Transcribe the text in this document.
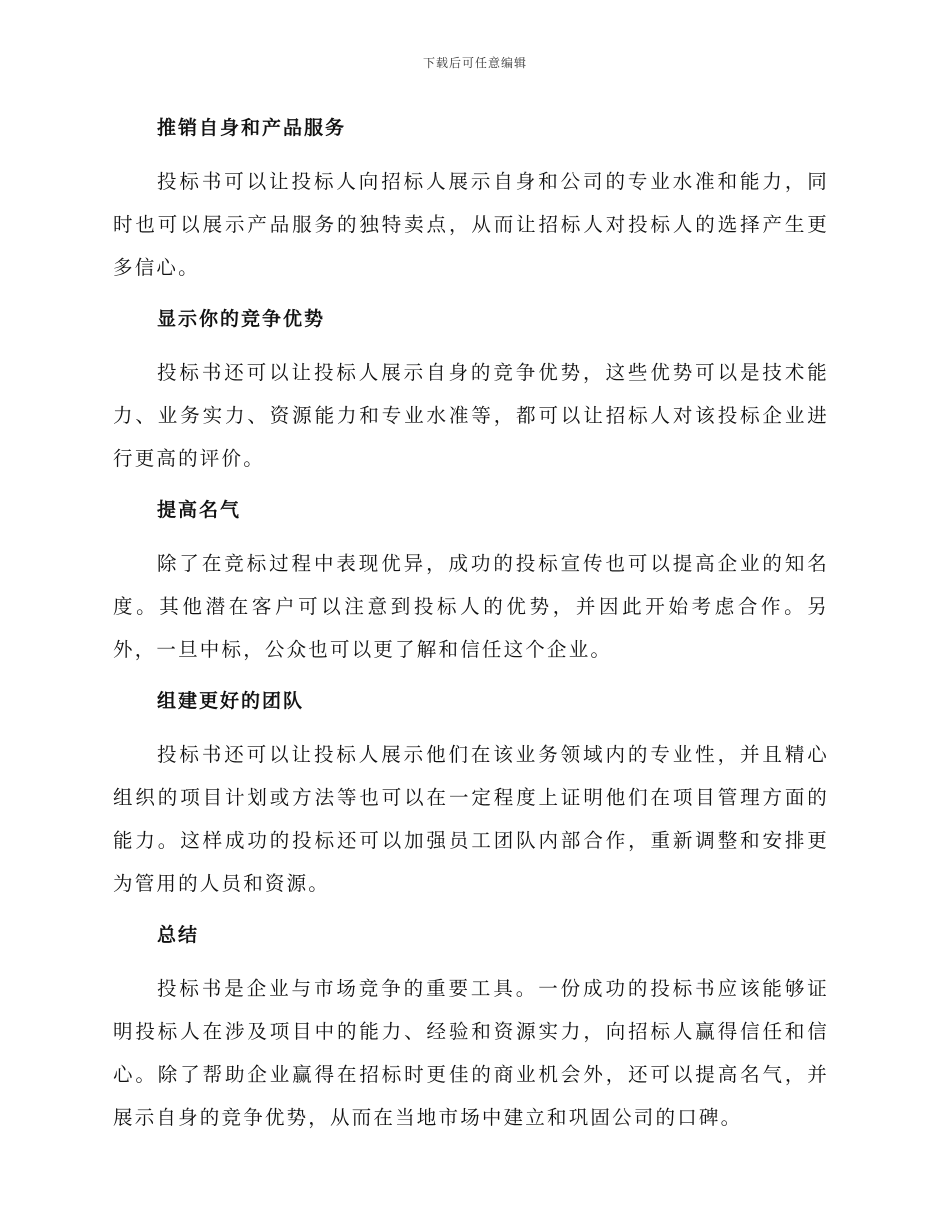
下载后可任意编辑
推销自身和产品服务

投标书可以让投标人向招标人展示自身和公司的专业水准和能力，同时也可以展示产品服务的独特卖点，从而让招标人对投标人的选择产生更多信心。

显示你的竞争优势

投标书还可以让投标人展示自身的竞争优势，这些优势可以是技术能力、业务实力、资源能力和专业水准等，都可以让招标人对该投标企业进行更高的评价。

提高名气

除了在竞标过程中表现优异，成功的投标宣传也可以提高企业的知名度。其他潜在客户可以注意到投标人的优势，并因此开始考虑合作。另外，一旦中标，公众也可以更了解和信任这个企业。

组建更好的团队

投标书还可以让投标人展示他们在该业务领域内的专业性，并且精心组织的项目计划或方法等也可以在一定程度上证明他们在项目管理方面的能力。这样成功的投标还可以加强员工团队内部合作，重新调整和安排更为管用的人员和资源。

总结

投标书是企业与市场竞争的重要工具。一份成功的投标书应该能够证明投标人在涉及项目中的能力、经验和资源实力，向招标人赢得信任和信心。除了帮助企业赢得在招标时更佳的商业机会外，还可以提高名气，并展示自身的竞争优势，从而在当地市场中建立和巩固公司的口碑。
